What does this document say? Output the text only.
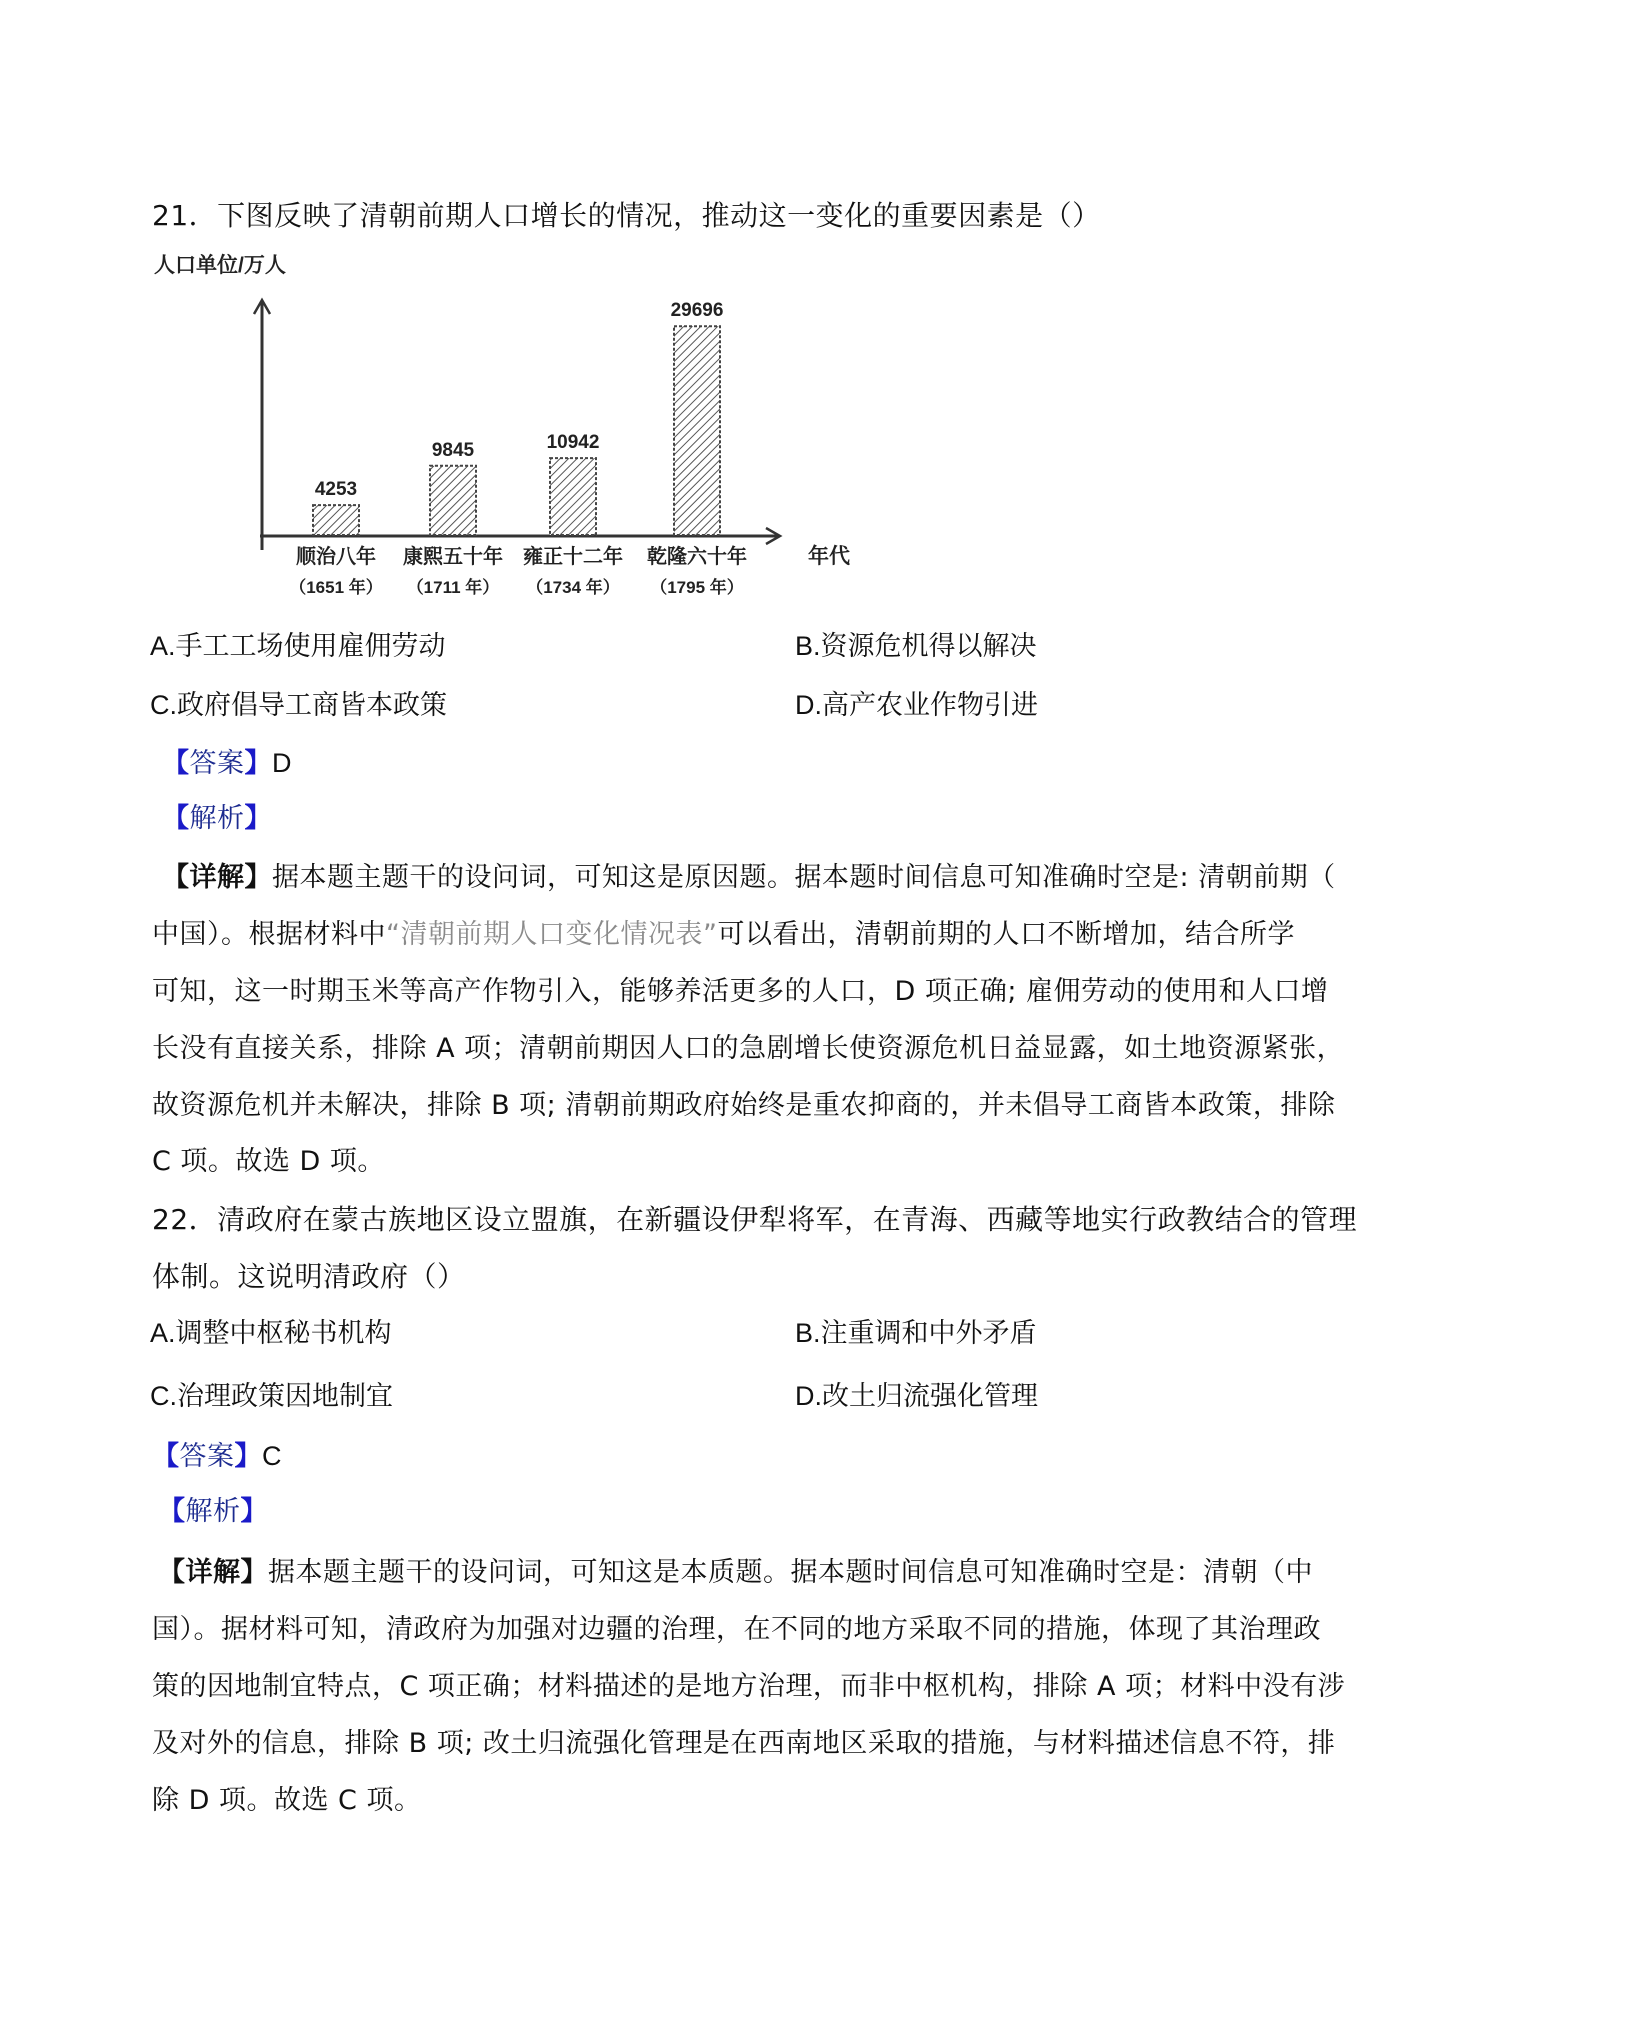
21．下图反映了清朝前期人口增长的情况，推动这一变化的重要因素是（）
人口单位/万人
年代
4253
顺治八年
（1651 年）
9845
康熙五十年
（1711 年）
10942
雍正十二年
（1734 年）
29696
乾隆六十年
（1795 年）
A.手工工场使用雇佣劳动	B.资源危机得以解决
C.政府倡导工商皆本政策	D.高产农业作物引进
【答案】D
【解析】
【详解】据本题主题干的设问词，可知这是原因题。据本题时间信息可知准确时空是: 清朝前期（
中国）。根据材料中“清朝前期人口变化情况表”可以看出，清朝前期的人口不断增加，结合所学
可知，这一时期玉米等高产作物引入，能够养活更多的人口，D 项正确; 雇佣劳动的使用和人口增
长没有直接关系，排除 A 项；清朝前期因人口的急剧增长使资源危机日益显露，如土地资源紧张，
故资源危机并未解决，排除 B 项; 清朝前期政府始终是重农抑商的，并未倡导工商皆本政策，排除
C 项。故选 D 项。
22．清政府在蒙古族地区设立盟旗，在新疆设伊犁将军，在青海、西藏等地实行政教结合的管理
体制。这说明清政府（）
A.调整中枢秘书机构	B.注重调和中外矛盾
C.治理政策因地制宜	D.改土归流强化管理
【答案】C
【解析】
【详解】据本题主题干的设问词，可知这是本质题。据本题时间信息可知准确时空是：清朝（中
国）。据材料可知，清政府为加强对边疆的治理，在不同的地方采取不同的措施，体现了其治理政
策的因地制宜特点，C 项正确；材料描述的是地方治理，而非中枢机构，排除 A 项；材料中没有涉
及对外的信息，排除 B 项; 改土归流强化管理是在西南地区采取的措施，与材料描述信息不符，排
除 D 项。故选 C 项。
